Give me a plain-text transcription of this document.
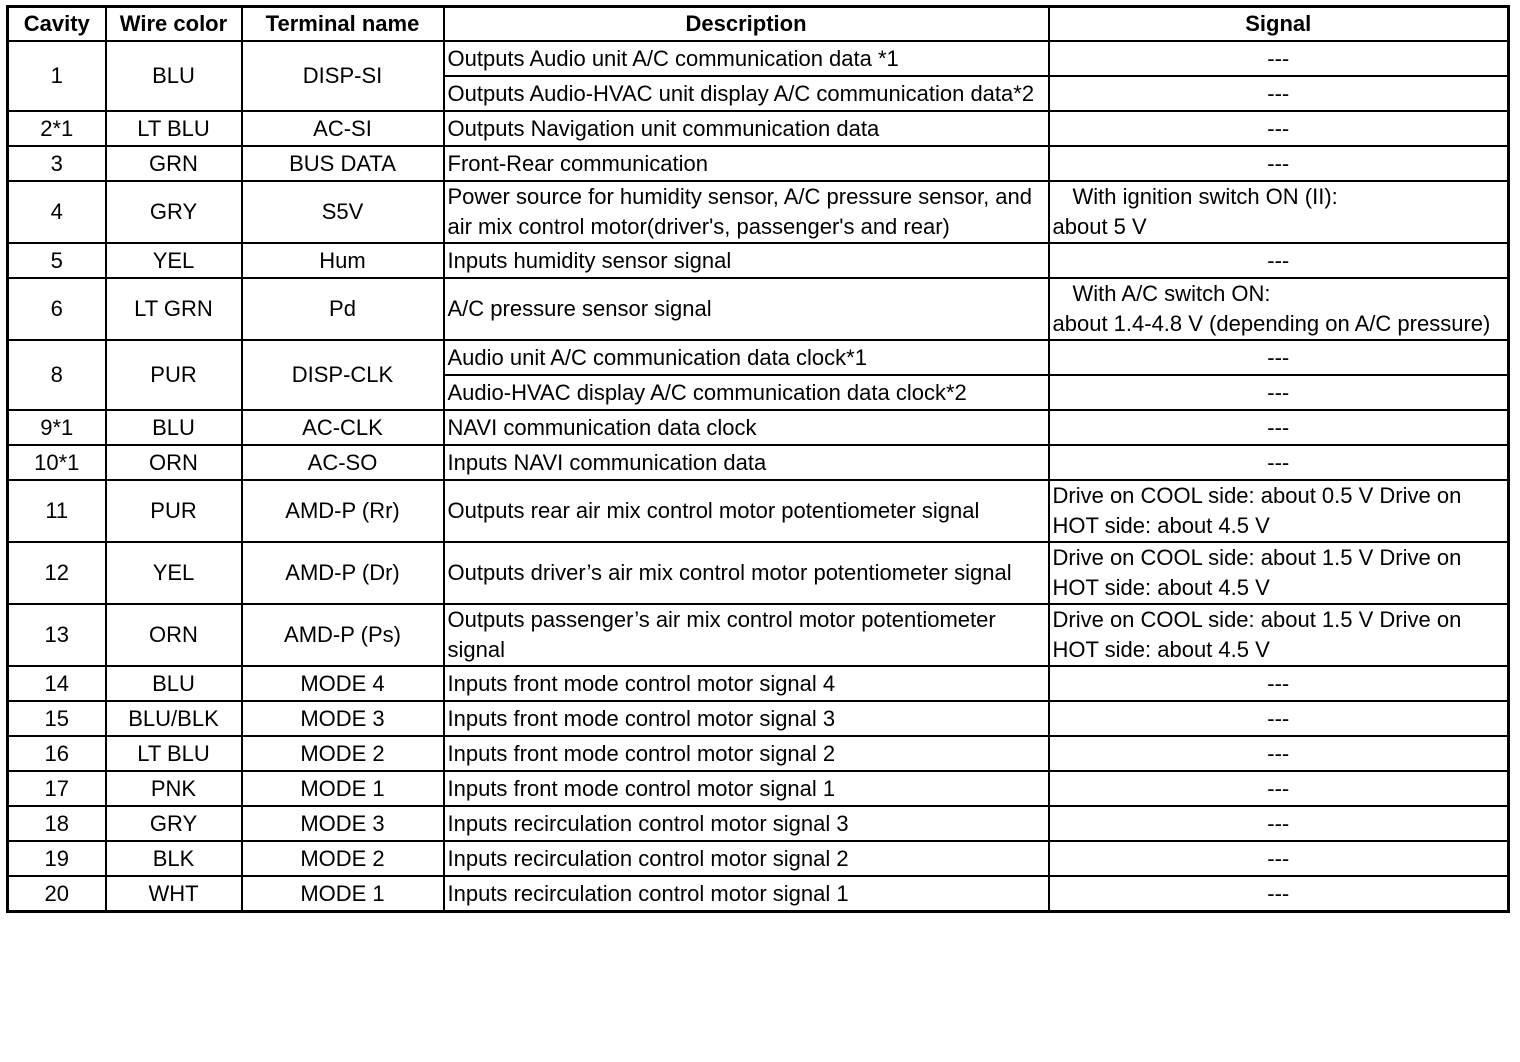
Cavity	Wire color	Terminal name	Description	Signal
1	BLU	DISP-SI	Outputs Audio unit A/C communication data *1	---
			Outputs Audio-HVAC unit display A/C communication data*2	---
2*1	LT BLU	AC-SI	Outputs Navigation unit communication data	---
3	GRN	BUS DATA	Front-Rear communication	---
4	GRY	S5V	Power source for humidity sensor, A/C pressure sensor, and air mix control motor(driver's, passenger's and rear)	With ignition switch ON (II):
about 5 V
5	YEL	Hum	Inputs humidity sensor signal	---
6	LT GRN	Pd	A/C pressure sensor signal	With A/C switch ON:
about 1.4-4.8 V (depending on A/C pressure)
8	PUR	DISP-CLK	Audio unit A/C communication data clock*1	---
			Audio-HVAC display A/C communication data clock*2	---
9*1	BLU	AC-CLK	NAVI communication data clock	---
10*1	ORN	AC-SO	Inputs NAVI communication data	---
11	PUR	AMD-P (Rr)	Outputs rear air mix control motor potentiometer signal	Drive on COOL side: about 0.5 V Drive on HOT side: about 4.5 V
12	YEL	AMD-P (Dr)	Outputs driver’s air mix control motor potentiometer signal	Drive on COOL side: about 1.5 V Drive on HOT side: about 4.5 V
13	ORN	AMD-P (Ps)	Outputs passenger’s air mix control motor potentiometer signal	Drive on COOL side: about 1.5 V Drive on HOT side: about 4.5 V
14	BLU	MODE 4	Inputs front mode control motor signal 4	---
15	BLU/BLK	MODE 3	Inputs front mode control motor signal 3	---
16	LT BLU	MODE 2	Inputs front mode control motor signal 2	---
17	PNK	MODE 1	Inputs front mode control motor signal 1	---
18	GRY	MODE 3	Inputs recirculation control motor signal 3	---
19	BLK	MODE 2	Inputs recirculation control motor signal 2	---
20	WHT	MODE 1	Inputs recirculation control motor signal 1	---
